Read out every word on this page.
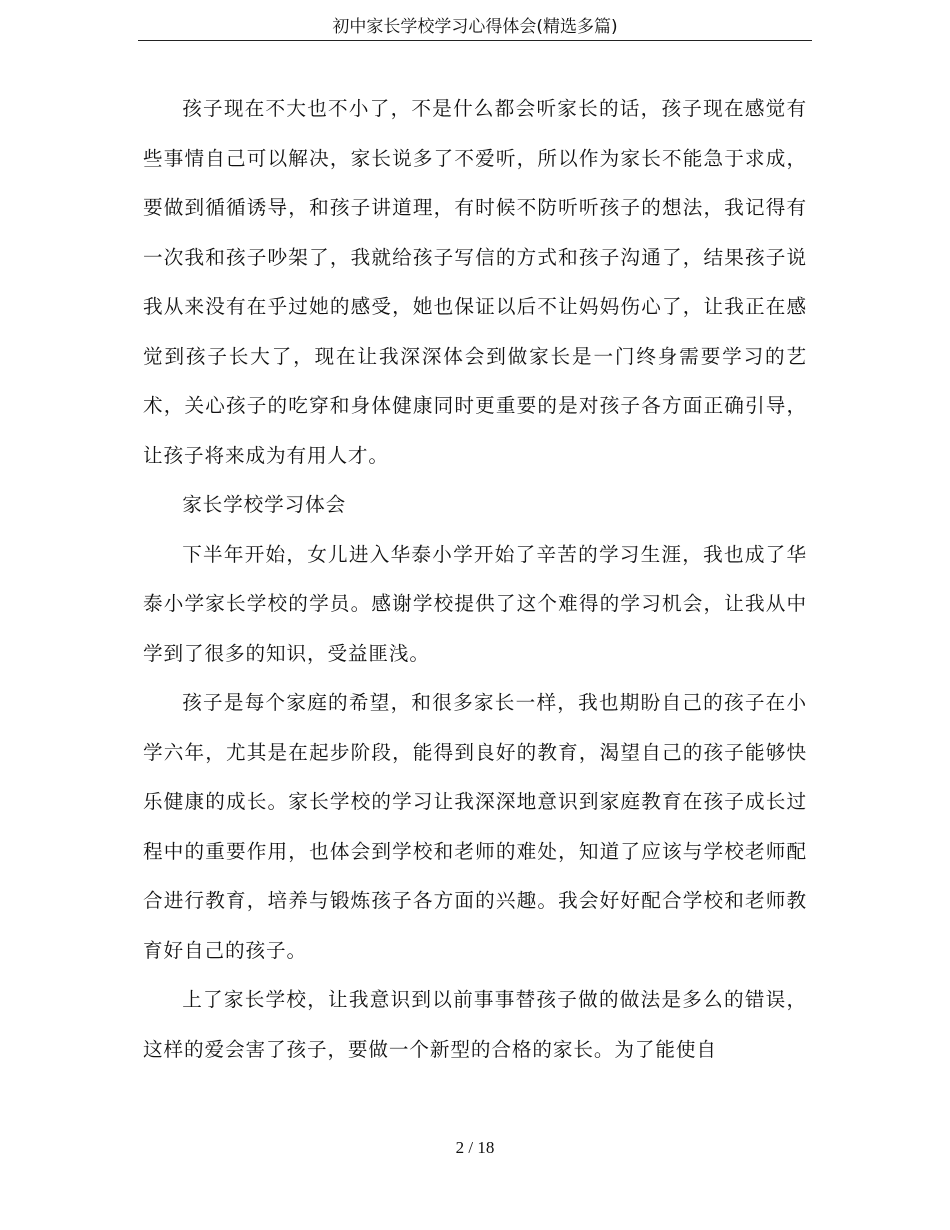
初中家长学校学习心得体会(精选多篇)

孩子现在不大也不小了，不是什么都会听家长的话，孩子现在感觉有些事情自己可以解决，家长说多了不爱听，所以作为家长不能急于求成，要做到循循诱导，和孩子讲道理，有时候不防听听孩子的想法，我记得有一次我和孩子吵架了，我就给孩子写信的方式和孩子沟通了，结果孩子说我从来没有在乎过她的感受，她也保证以后不让妈妈伤心了，让我正在感觉到孩子长大了，现在让我深深体会到做家长是一门终身需要学习的艺术，关心孩子的吃穿和身体健康同时更重要的是对孩子各方面正确引导，让孩子将来成为有用人才。

家长学校学习体会

下半年开始，女儿进入华泰小学开始了辛苦的学习生涯，我也成了华泰小学家长学校的学员。感谢学校提供了这个难得的学习机会，让我从中学到了很多的知识，受益匪浅。

孩子是每个家庭的希望，和很多家长一样，我也期盼自己的孩子在小学六年，尤其是在起步阶段，能得到良好的教育，渴望自己的孩子能够快乐健康的成长。家长学校的学习让我深深地意识到家庭教育在孩子成长过程中的重要作用，也体会到学校和老师的难处，知道了应该与学校老师配合进行教育，培养与锻炼孩子各方面的兴趣。我会好好配合学校和老师教育好自己的孩子。

上了家长学校，让我意识到以前事事替孩子做的做法是多么的错误，这样的爱会害了孩子，要做一个新型的合格的家长。为了能使自

2 / 18
